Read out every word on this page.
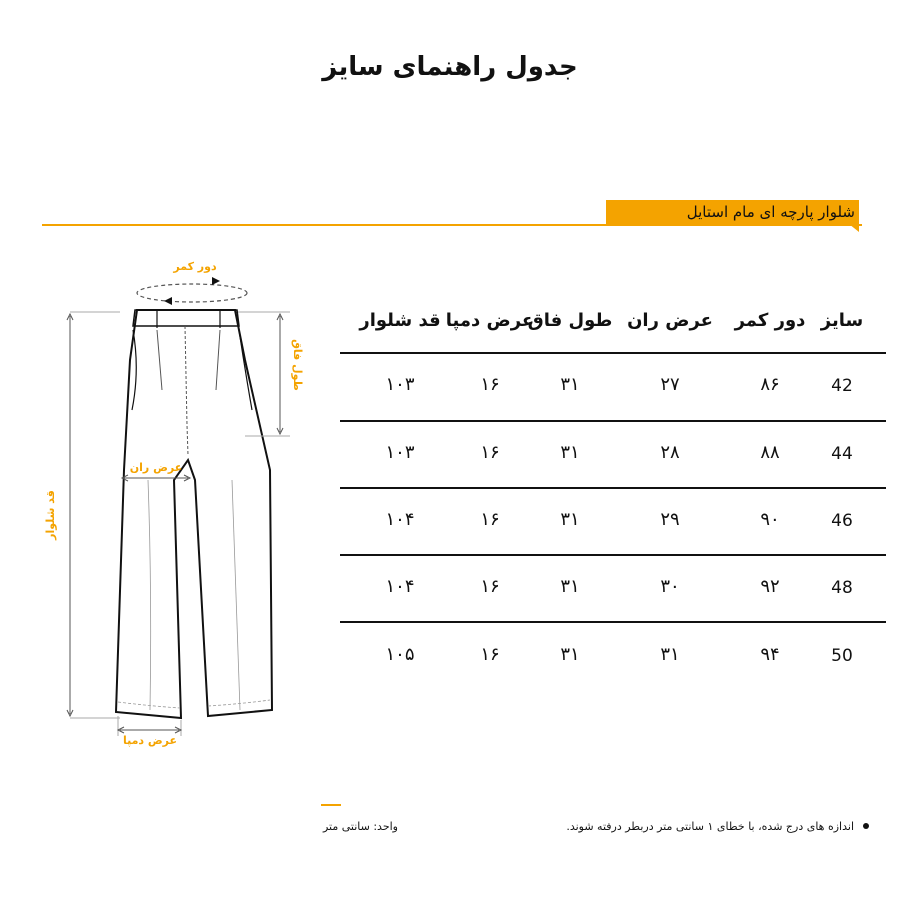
جدول راهنمای سایز
شلوار پارچه ای مام استایل
دور کمر
قد شلوار
طول فاق
عرض ران
عرض دمپا
سایز
دور کمر
عرض ران
طول فاق
عرض دمپا
قد شلوار
42
۸۶
۲۷
۳۱
۱۶
۱۰۳
44
۸۸
۲۸
۳۱
۱۶
۱۰۳
46
۹۰
۲۹
۳۱
۱۶
۱۰۴
48
۹۲
۳۰
۳۱
۱۶
۱۰۴
50
۹۴
۳۱
۳۱
۱۶
۱۰۵
واحد: سانتی متر	اندازه های درج شده، با خطای ۱ سانتی متر دربطر درفته شوند.
